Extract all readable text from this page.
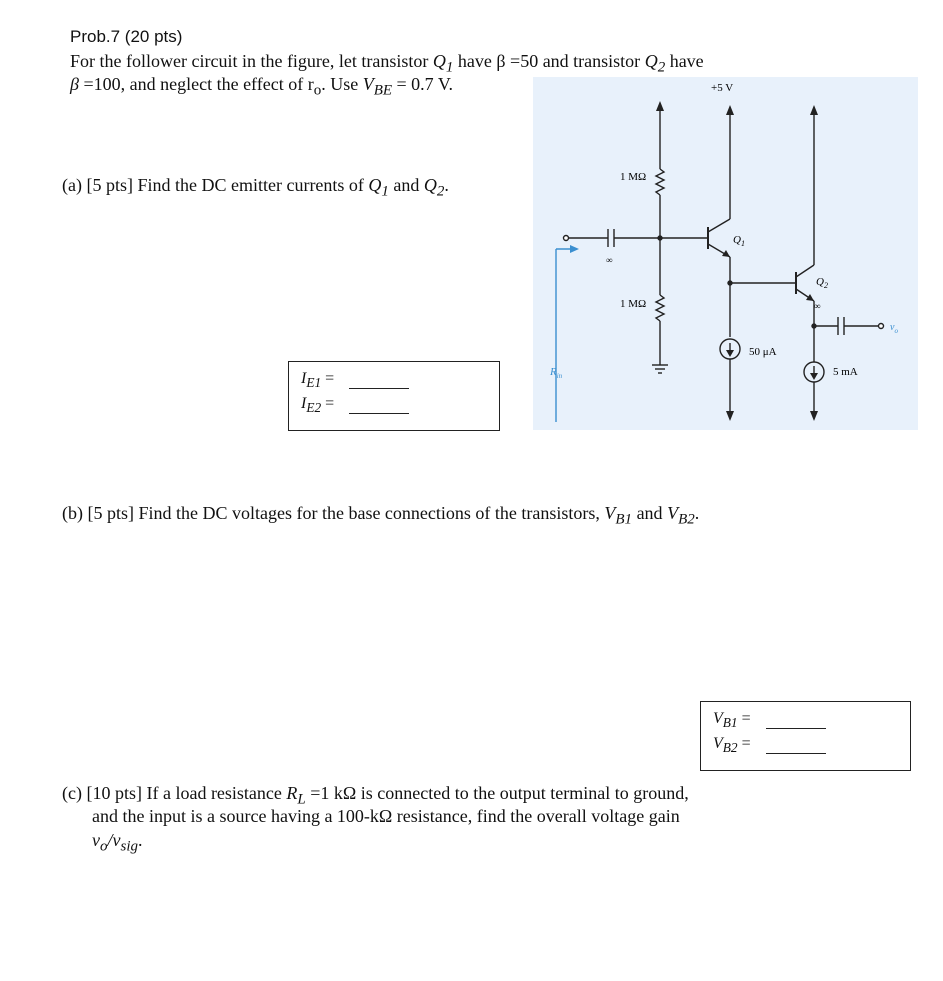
Prob.7 (20 pts)
For the follower circuit in the figure, let transistor $Q_1$ have β =50 and transistor $Q_2$ have
β =100, and neglect the effect of $r_o$. Use $V_{BE} = 0.7$ V.
(a) [5 pts] Find the DC emitter currents of $Q_1$ and $Q_2$.
$I_{E1}$ =
$I_{E2}$ =
+5 V
1 MΩ
1 MΩ
∞
∞
$Q_1$
$Q_2$
50 μA
5 mA
$R_{in}$
$v_o$
(b) [5 pts] Find the DC voltages for the base connections of the transistors, $V_{B1}$ and $V_{B2}$.
$V_{B1}$ =
$V_{B2}$ =
(c) [10 pts] If a load resistance $R_L =1$ kΩ is connected to the output terminal to ground,
and the input is a source having a 100-kΩ resistance, find the overall voltage gain
$v_o/v_{sig}$.
